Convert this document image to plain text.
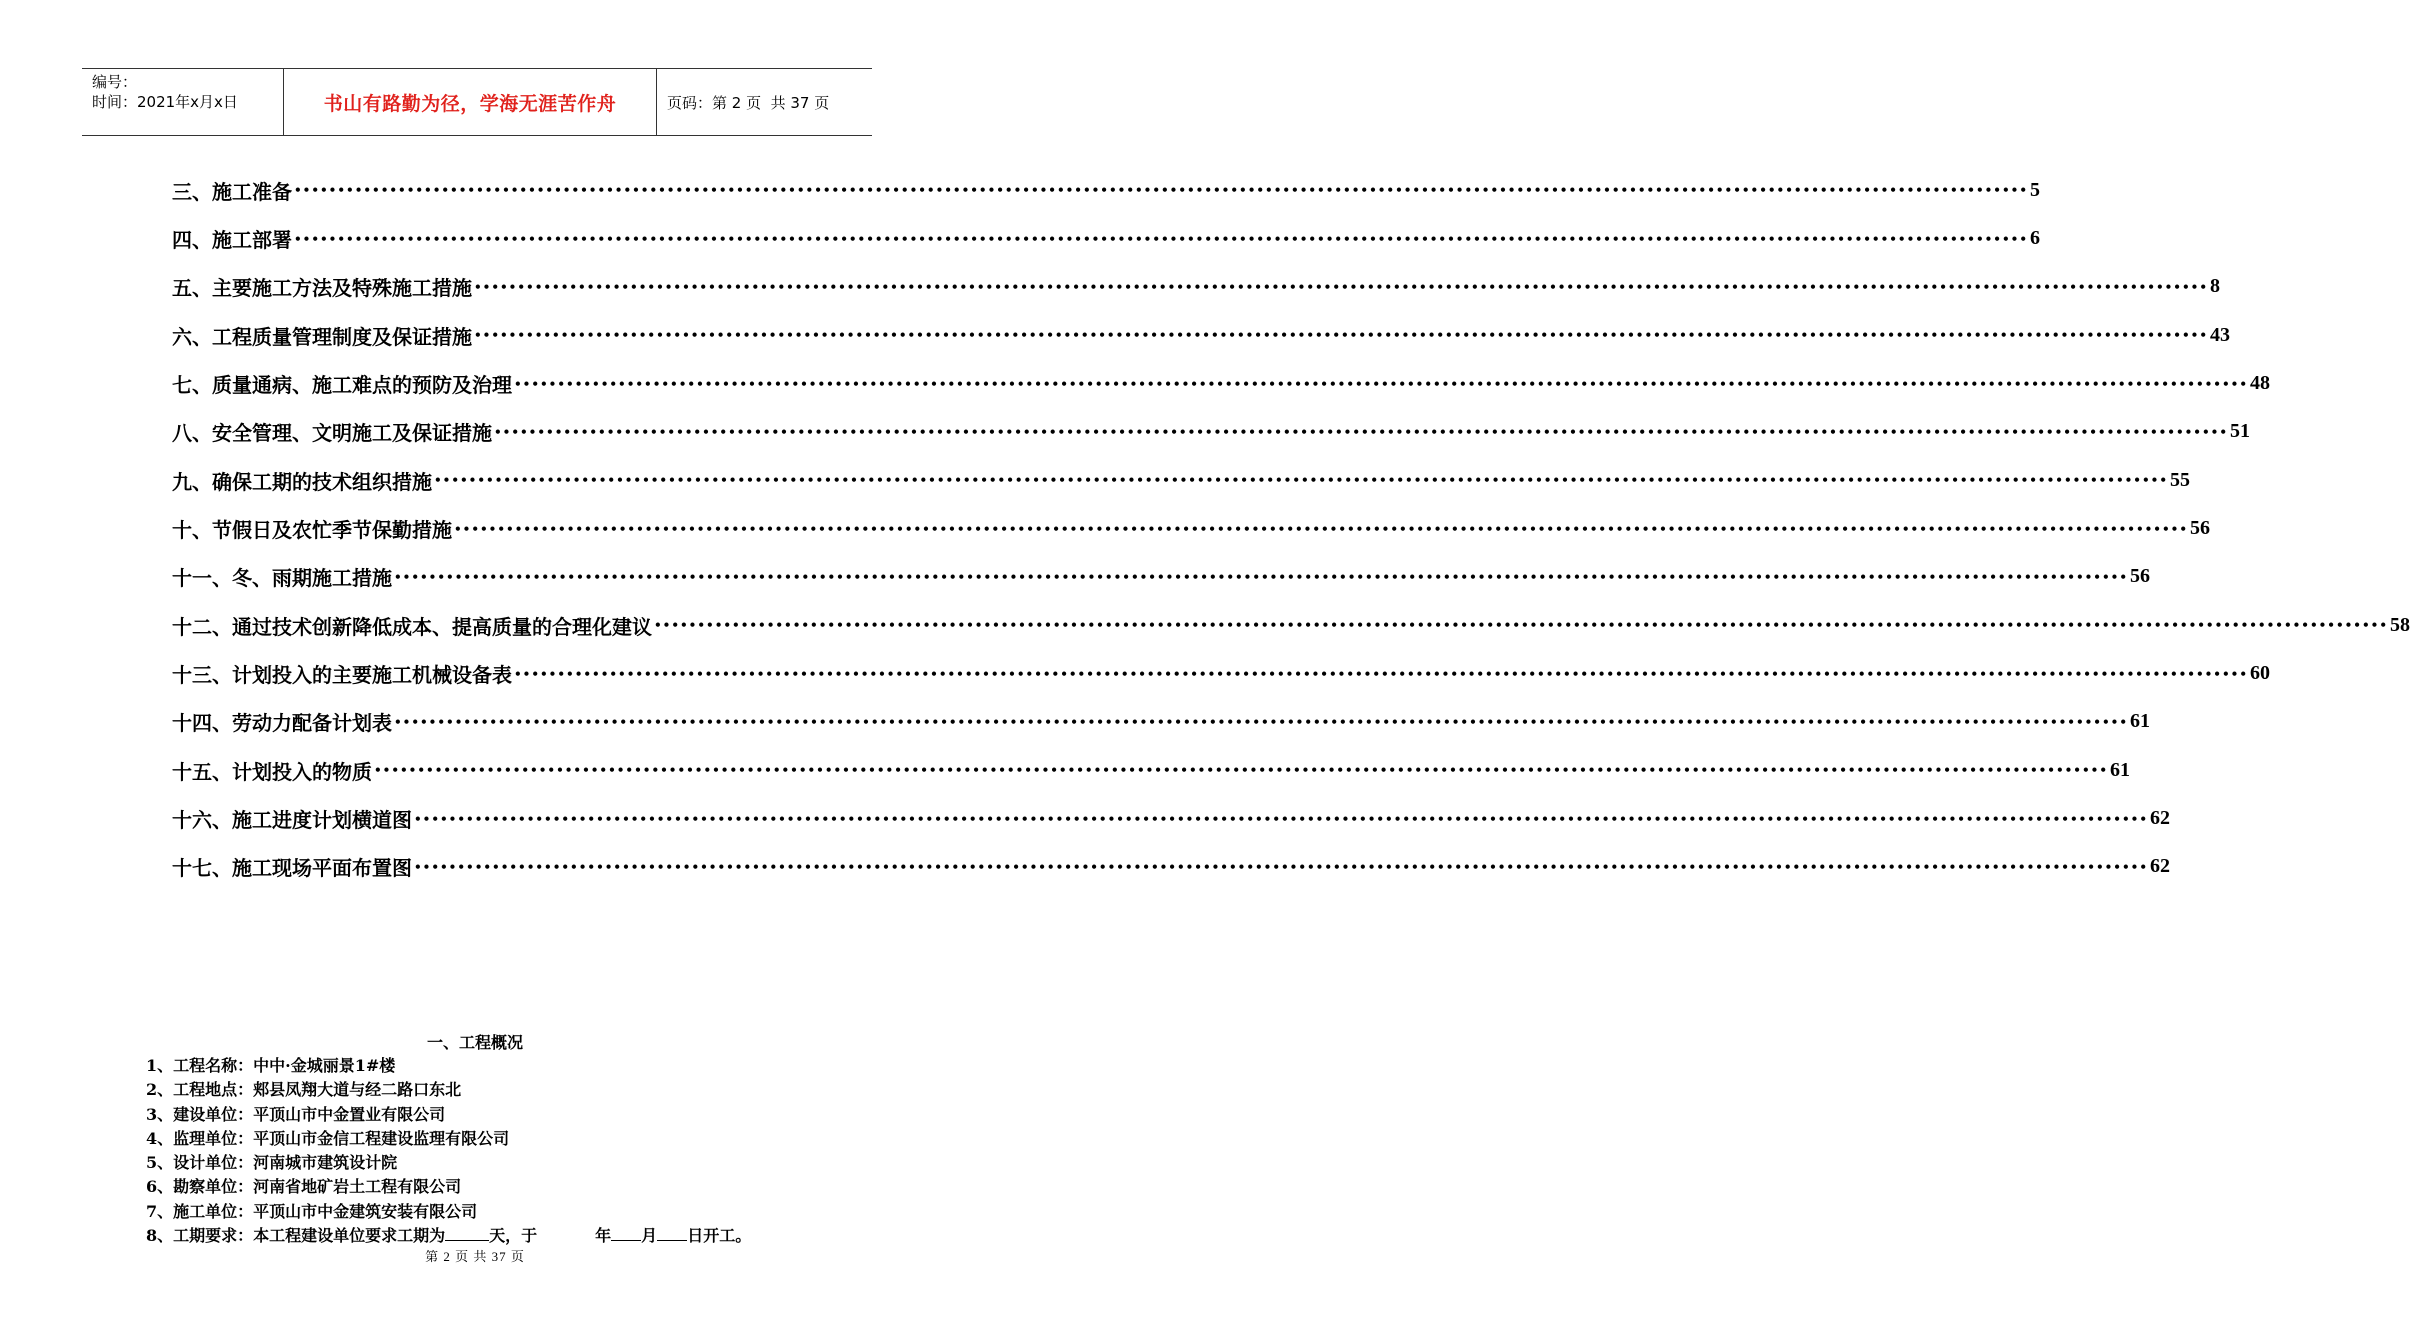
编号：
时间：2021年x月x日	书山有路勤为径，学海无涯苦作舟	页码：第 2 页  共 37 页
三、施工准备 •••••••••••••••••••••••••••••••••••••••••••••••••••••••••••••••••••••••••••••••••••••••••••••••••••••••••••••••••••••••••••••••••••••••••••••••••••••••••••••••••••••••••••••••••••••••••••••••••••••••• 5
四、施工部署 •••••••••••••••••••••••••••••••••••••••••••••••••••••••••••••••••••••••••••••••••••••••••••••••••••••••••••••••••••••••••••••••••••••••••••••••••••••••••••••••••••••••••••••••••••••••••••••••••••••••• 6
五、主要施工方法及特殊施工措施 •••••••••••••••••••••••••••••••••••••••••••••••••••••••••••••••••••••••••••••••••••••••••••••••••••••••••••••••••••••••••••••••••••••••••••••••••••••••••••••••••••••••••••••••••••••••••••••••••••••••• 8
六、工程质量管理制度及保证措施 •••••••••••••••••••••••••••••••••••••••••••••••••••••••••••••••••••••••••••••••••••••••••••••••••••••••••••••••••••••••••••••••••••••••••••••••••••••••••••••••••••••••••••••••••••••••••••••••••••••••• 43
七、质量通病、施工难点的预防及治理 •••••••••••••••••••••••••••••••••••••••••••••••••••••••••••••••••••••••••••••••••••••••••••••••••••••••••••••••••••••••••••••••••••••••••••••••••••••••••••••••••••••••••••••••••••••••••••••••••••••••• 48
八、安全管理、文明施工及保证措施 •••••••••••••••••••••••••••••••••••••••••••••••••••••••••••••••••••••••••••••••••••••••••••••••••••••••••••••••••••••••••••••••••••••••••••••••••••••••••••••••••••••••••••••••••••••••••••••••••••••••• 51
九、确保工期的技术组织措施 •••••••••••••••••••••••••••••••••••••••••••••••••••••••••••••••••••••••••••••••••••••••••••••••••••••••••••••••••••••••••••••••••••••••••••••••••••••••••••••••••••••••••••••••••••••••••••••••••••••••• 55
十、节假日及农忙季节保勤措施 •••••••••••••••••••••••••••••••••••••••••••••••••••••••••••••••••••••••••••••••••••••••••••••••••••••••••••••••••••••••••••••••••••••••••••••••••••••••••••••••••••••••••••••••••••••••••••••••••••••••• 56
十一、冬、雨期施工措施 •••••••••••••••••••••••••••••••••••••••••••••••••••••••••••••••••••••••••••••••••••••••••••••••••••••••••••••••••••••••••••••••••••••••••••••••••••••••••••••••••••••••••••••••••••••••••••••••••••••••• 56
十二、通过技术创新降低成本、提高质量的合理化建议 •••••••••••••••••••••••••••••••••••••••••••••••••••••••••••••••••••••••••••••••••••••••••••••••••••••••••••••••••••••••••••••••••••••••••••••••••••••••••••••••••••••••••••••••••••••••••••••••••••••••• 58
十三、计划投入的主要施工机械设备表 •••••••••••••••••••••••••••••••••••••••••••••••••••••••••••••••••••••••••••••••••••••••••••••••••••••••••••••••••••••••••••••••••••••••••••••••••••••••••••••••••••••••••••••••••••••••••••••••••••••••• 60
十四、劳动力配备计划表 •••••••••••••••••••••••••••••••••••••••••••••••••••••••••••••••••••••••••••••••••••••••••••••••••••••••••••••••••••••••••••••••••••••••••••••••••••••••••••••••••••••••••••••••••••••••••••••••••••••••• 61
十五、计划投入的物质 •••••••••••••••••••••••••••••••••••••••••••••••••••••••••••••••••••••••••••••••••••••••••••••••••••••••••••••••••••••••••••••••••••••••••••••••••••••••••••••••••••••••••••••••••••••••••••••••••••••••• 61
十六、施工进度计划横道图 •••••••••••••••••••••••••••••••••••••••••••••••••••••••••••••••••••••••••••••••••••••••••••••••••••••••••••••••••••••••••••••••••••••••••••••••••••••••••••••••••••••••••••••••••••••••••••••••••••••••• 62
十七、施工现场平面布置图 •••••••••••••••••••••••••••••••••••••••••••••••••••••••••••••••••••••••••••••••••••••••••••••••••••••••••••••••••••••••••••••••••••••••••••••••••••••••••••••••••••••••••••••••••••••••••••••••••••••••• 62
一、工程概况
1、工程名称：中中·金城丽景1#楼
2、工程地点：郏县凤翔大道与经二路口东北
3、建设单位：平顶山市中金置业有限公司
4、监理单位：平顶山市金信工程建设监理有限公司
5、设计单位：河南城市建筑设计院
6、勘察单位：河南省地矿岩土工程有限公司
7、施工单位：平顶山市中金建筑安装有限公司
8、工期要求：本工程建设单位要求工期为	天，于	年 月 日开工。
第 2 页 共 37 页
